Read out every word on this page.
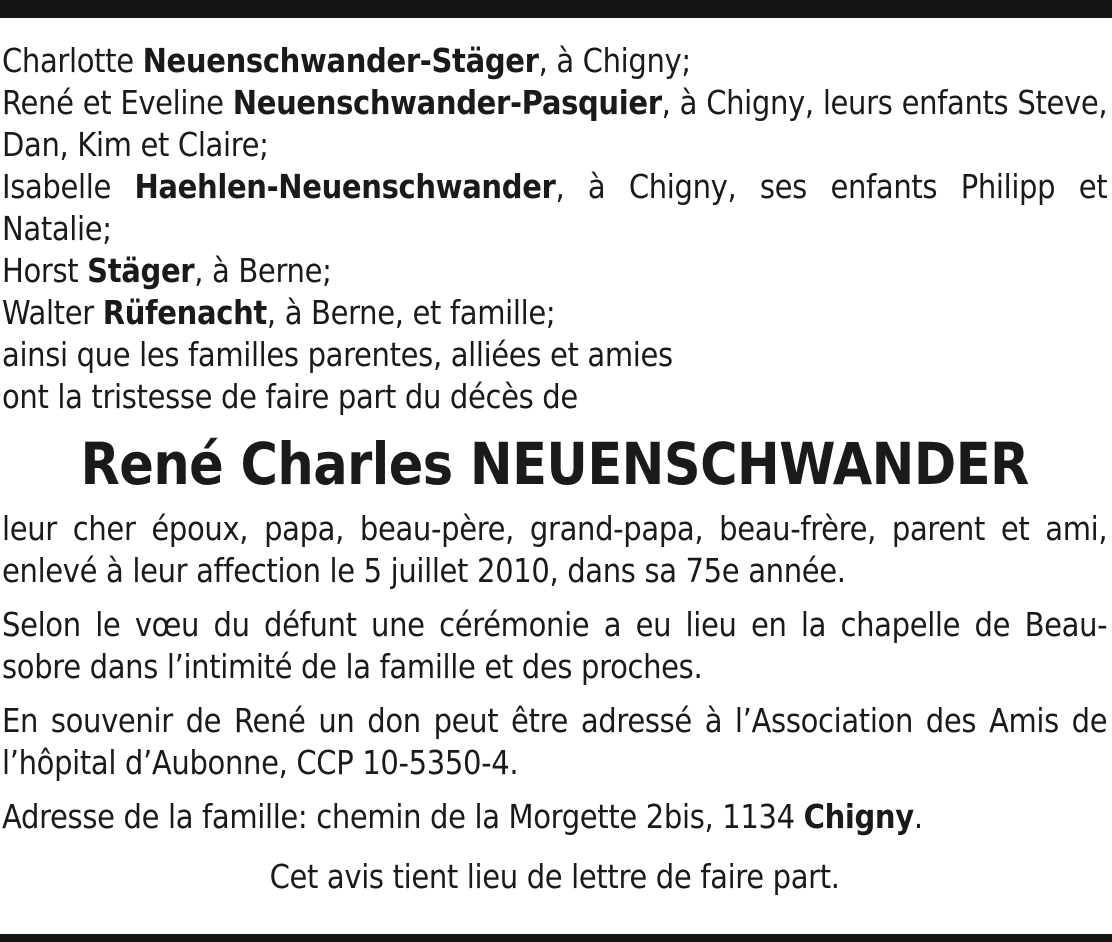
Charlotte Neuenschwander-Stäger, à Chigny;

René et Eveline Neuenschwander-Pasquier, à Chigny, leurs enfants Steve, Dan, Kim et Claire;

Isabelle Haehlen-Neuenschwander, à Chigny, ses enfants Philipp et Natalie;

Horst Stäger, à Berne;

Walter Rüfenacht, à Berne, et famille;

ainsi que les familles parentes, alliées et amies

ont la tristesse de faire part du décès de

René Charles NEUENSCHWANDER

leur cher époux, papa, beau-père, grand-papa, beau-frère, parent et ami, enlevé à leur affection le 5 juillet 2010, dans sa 75e année.

Selon le vœu du défunt une cérémonie a eu lieu en la chapelle de Beau-sobre dans l’intimité de la famille et des proches.

En souvenir de René un don peut être adressé à l’Association des Amis de l’hôpital d’Aubonne, CCP 10-5350-4.

Adresse de la famille: chemin de la Morgette 2bis, 1134 Chigny.

Cet avis tient lieu de lettre de faire part.
